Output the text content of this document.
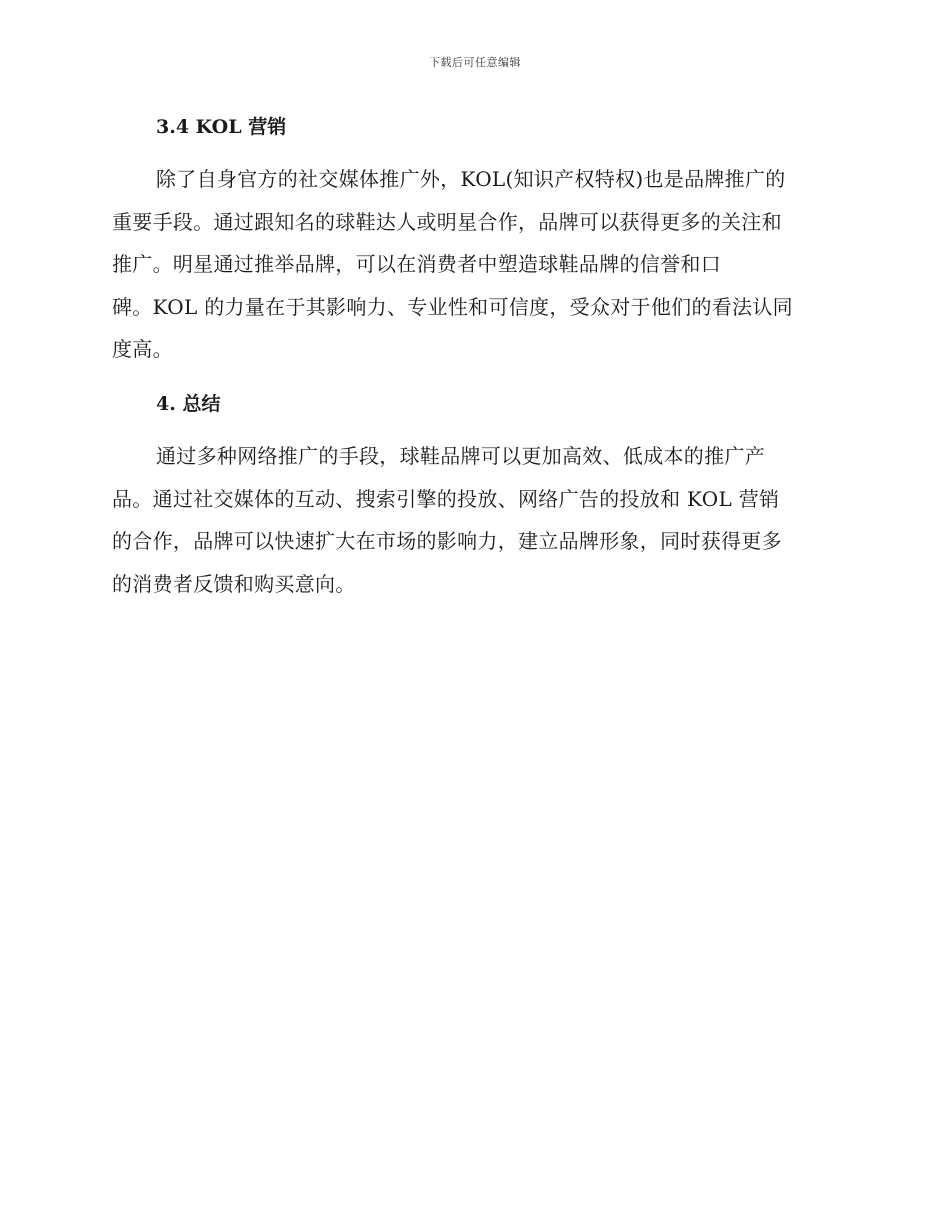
下载后可任意编辑
3.4 KOL 营销

除了自身官方的社交媒体推广外，KOL(知识产权特权)也是品牌推广的
重要手段。通过跟知名的球鞋达人或明星合作，品牌可以获得更多的关注和
推广。明星通过推举品牌，可以在消费者中塑造球鞋品牌的信誉和口
碑。KOL 的力量在于其影响力、专业性和可信度，受众对于他们的看法认同
度高。

4. 总结

通过多种网络推广的手段，球鞋品牌可以更加高效、低成本的推广产
品。通过社交媒体的互动、搜索引擎的投放、网络广告的投放和 KOL 营销
的合作，品牌可以快速扩大在市场的影响力，建立品牌形象，同时获得更多
的消费者反馈和购买意向。
